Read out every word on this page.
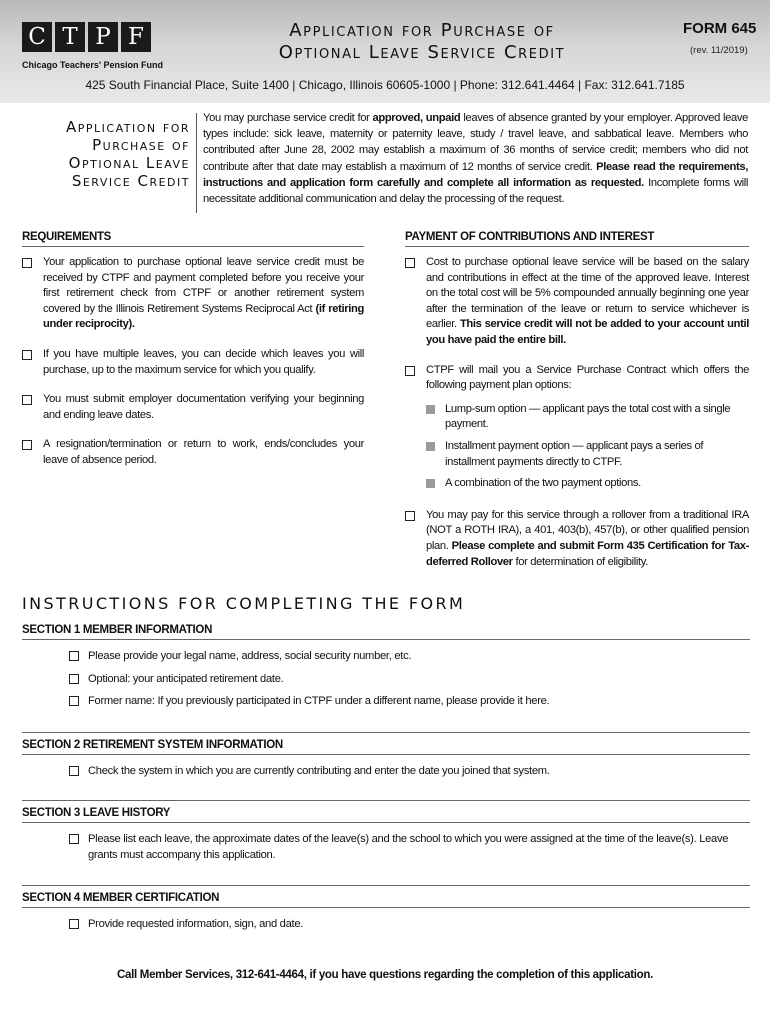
C T P F
Chicago Teachers' Pension Fund
Application for Purchase of
Optional Leave Service Credit
FORM 645
(rev. 11/2019)
425 South Financial Place, Suite 1400 | Chicago, Illinois 60605-1000 | Phone: 312.641.4464 | Fax: 312.641.7185
Application for
Purchase of
Optional Leave
Service Credit
You may purchase service credit for approved, unpaid leaves of absence granted by your employer. Approved leave types include: sick leave, maternity or paternity leave, study / travel leave, and sabbatical leave. Members who contributed after June 28, 2002 may establish a maximum of 36 months of service credit; members who did not contribute after that date may establish a maximum of 12 months of service credit. Please read the requirements, instructions and application form carefully and complete all information as requested. Incomplete forms will necessitate additional communication and delay the processing of the request.
REQUIREMENTS
Your application to purchase optional leave service credit must be received by CTPF and payment completed before you receive your first retirement check from CTPF or another retirement system covered by the Illinois Retirement Systems Reciprocal Act (if retiring under reciprocity).
If you have multiple leaves, you can decide which leaves you will purchase, up to the maximum service for which you qualify.
You must submit employer documentation verifying your beginning and ending leave dates.
A resignation/termination or return to work, ends/concludes your leave of absence period.
PAYMENT OF CONTRIBUTIONS AND INTEREST
Cost to purchase optional leave service will be based on the salary and contributions in effect at the time of the approved leave. Interest on the total cost will be 5% compounded annually beginning one year after the termination of the leave or return to service whichever is earlier. This service credit will not be added to your account until you have paid the entire bill.
CTPF will mail you a Service Purchase Contract which offers the following payment plan options:
Lump-sum option — applicant pays the total cost with a single payment.
Installment payment option — applicant pays a series of installment payments directly to CTPF.
A combination of the two payment options.
You may pay for this service through a rollover from a traditional IRA (NOT a ROTH IRA), a 401, 403(b), 457(b), or other qualified pension plan. Please complete and submit Form 435 Certification for Tax-deferred Rollover for determination of eligibility.
INSTRUCTIONS FOR COMPLETING THE FORM
SECTION 1 MEMBER INFORMATION
Please provide your legal name, address, social security number, etc.
Optional: your anticipated retirement date.
Former name: If you previously participated in CTPF under a different name, please provide it here.
SECTION 2 RETIREMENT SYSTEM INFORMATION
Check the system in which you are currently contributing and enter the date you joined that system.
SECTION 3 LEAVE HISTORY
Please list each leave, the approximate dates of the leave(s) and the school to which you were assigned at the time of the leave(s). Leave grants must accompany this application.
SECTION 4 MEMBER CERTIFICATION
Provide requested information, sign, and date.
Call Member Services, 312-641-4464, if you have questions regarding the completion of this application.
